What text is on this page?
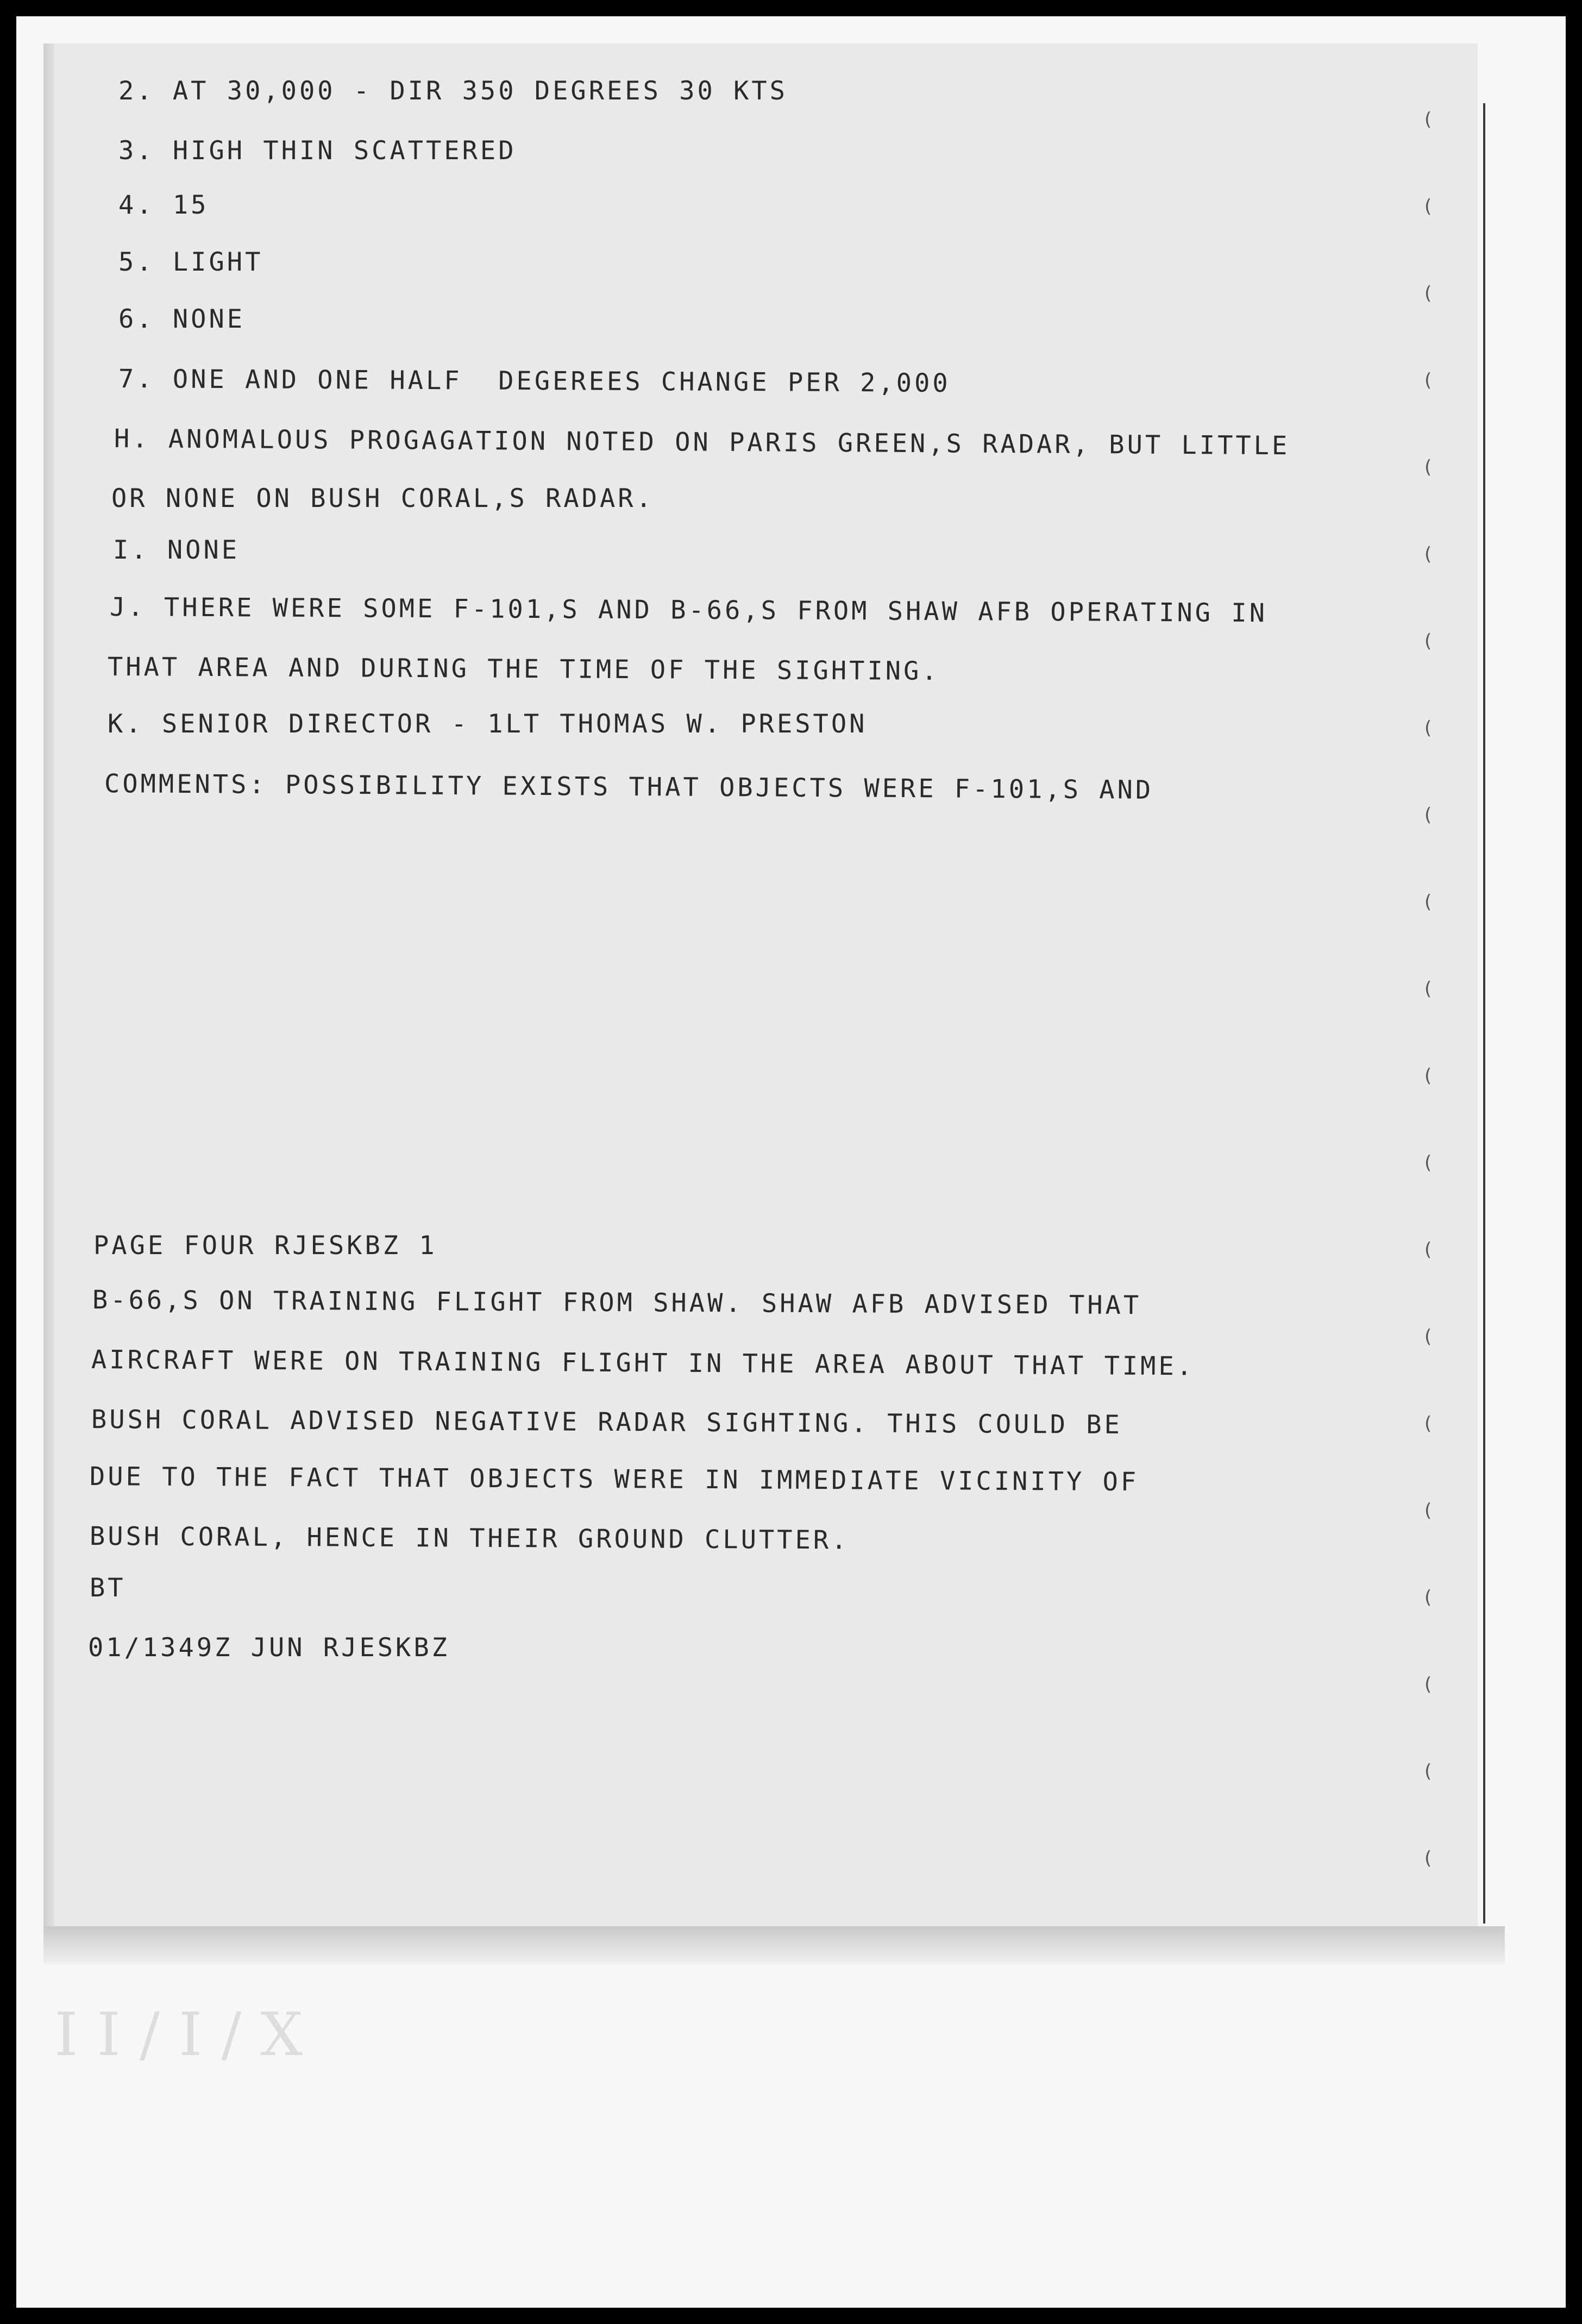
2. AT 30,000 - DIR 350 DEGREES 30 KTS
3. HIGH THIN SCATTERED
4. 15
5. LIGHT
6. NONE
7. ONE AND ONE HALF  DEGEREES CHANGE PER 2,000
H. ANOMALOUS PROGAGATION NOTED ON PARIS GREEN,S RADAR, BUT LITTLE
OR NONE ON BUSH CORAL,S RADAR.
I. NONE
J. THERE WERE SOME F-101,S AND B-66,S FROM SHAW AFB OPERATING IN
THAT AREA AND DURING THE TIME OF THE SIGHTING.
K. SENIOR DIRECTOR - 1LT THOMAS W. PRESTON
COMMENTS: POSSIBILITY EXISTS THAT OBJECTS WERE F-101,S AND
PAGE FOUR RJESKBZ 1
B-66,S ON TRAINING FLIGHT FROM SHAW. SHAW AFB ADVISED THAT
AIRCRAFT WERE ON TRAINING FLIGHT IN THE AREA ABOUT THAT TIME.
BUSH CORAL ADVISED NEGATIVE RADAR SIGHTING. THIS COULD BE
DUE TO THE FACT THAT OBJECTS WERE IN IMMEDIATE VICINITY OF
BUSH CORAL, HENCE IN THEIR GROUND CLUTTER.
BT
01/1349Z JUN RJESKBZ
(
(
(
(
(
(
(
(
(
(
(
(
(
(
(
(
(
(
(
(
(
I I / I / X
